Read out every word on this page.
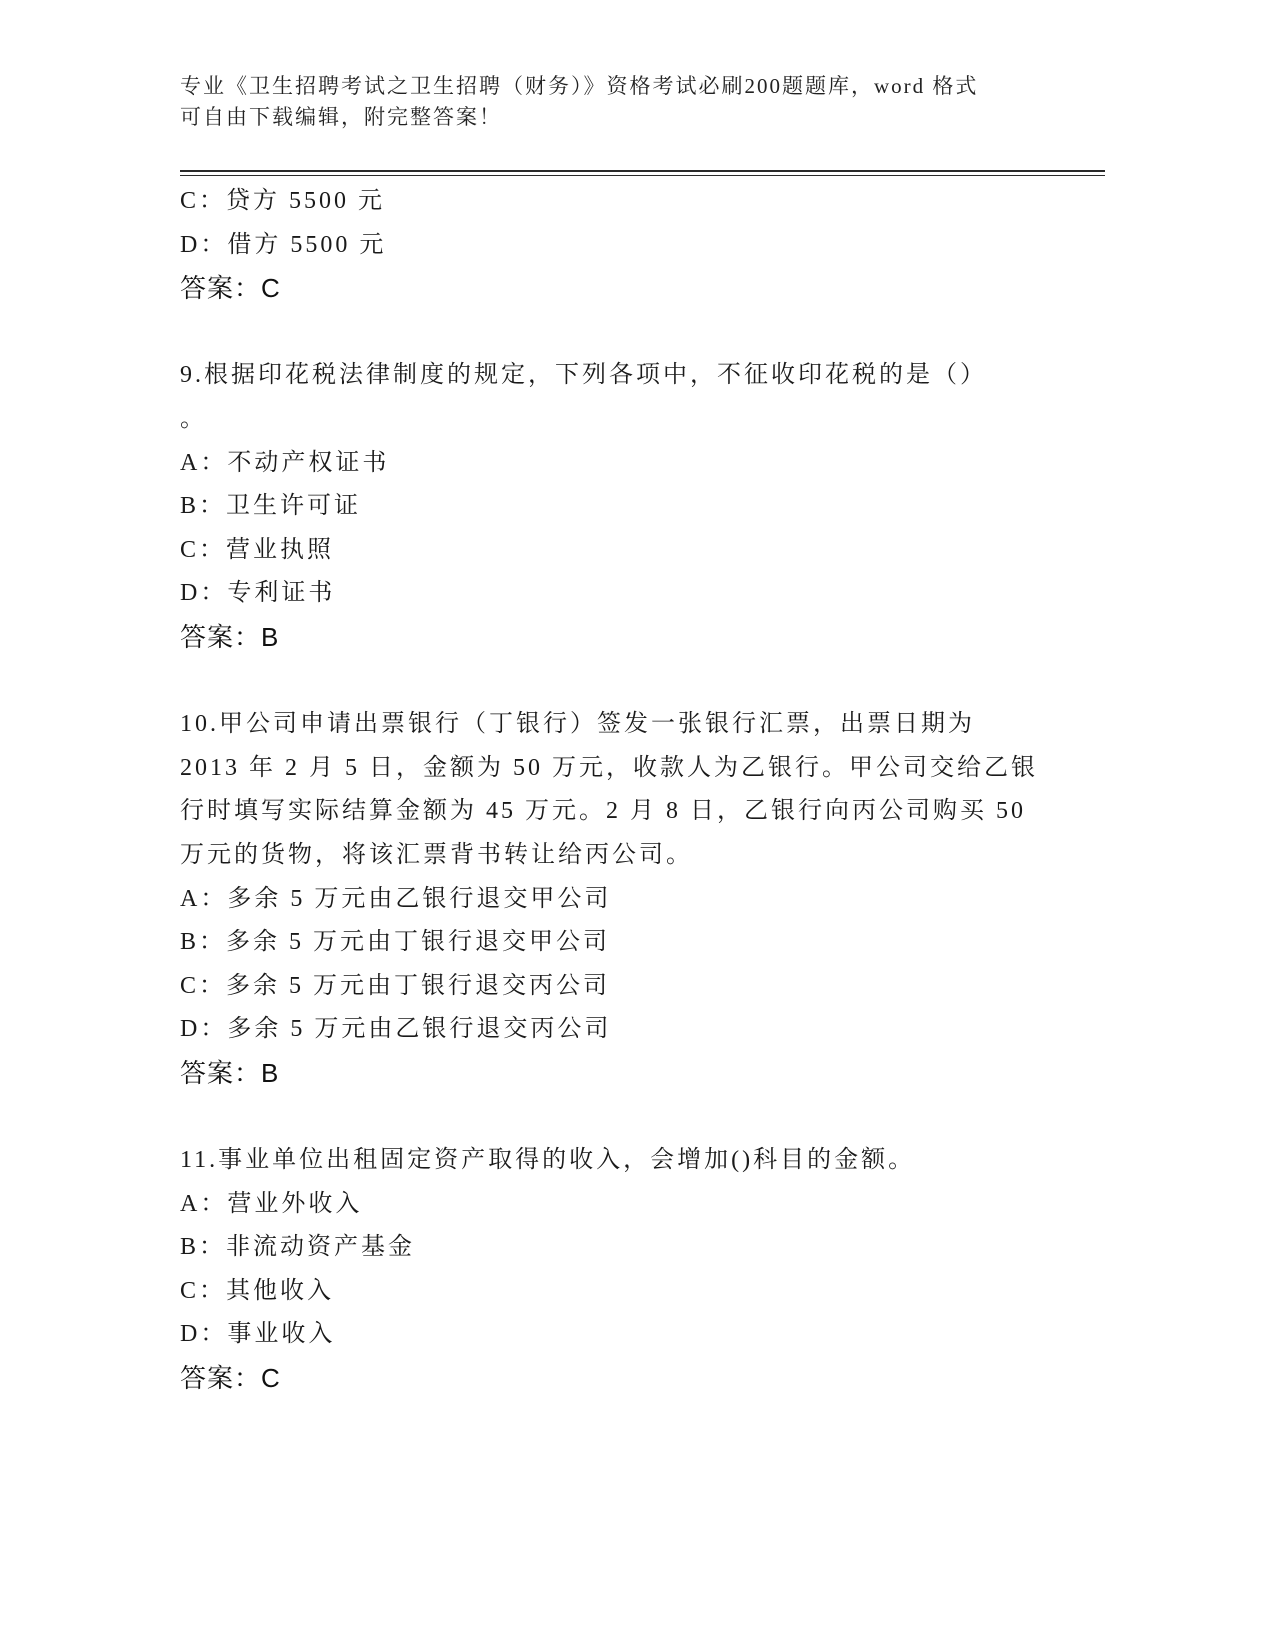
专业《卫生招聘考试之卫生招聘（财务）》资格考试必刷200题题库，word 格式
可自由下载编辑，附完整答案！
C：贷方 5500 元
D：借方 5500 元
答案：C
9.根据印花税法律制度的规定，下列各项中，不征收印花税的是（）
。
A：不动产权证书
B：卫生许可证
C：营业执照
D：专利证书
答案：B
10.甲公司申请出票银行（丁银行）签发一张银行汇票，出票日期为
2013 年 2 月 5 日，金额为 50 万元，收款人为乙银行。甲公司交给乙银
行时填写实际结算金额为 45 万元。2 月 8 日，乙银行向丙公司购买 50
万元的货物，将该汇票背书转让给丙公司。
A：多余 5 万元由乙银行退交甲公司
B：多余 5 万元由丁银行退交甲公司
C：多余 5 万元由丁银行退交丙公司
D：多余 5 万元由乙银行退交丙公司
答案：B
11.事业单位出租固定资产取得的收入，会增加()科目的金额。
A：营业外收入
B：非流动资产基金
C：其他收入
D：事业收入
答案：C
